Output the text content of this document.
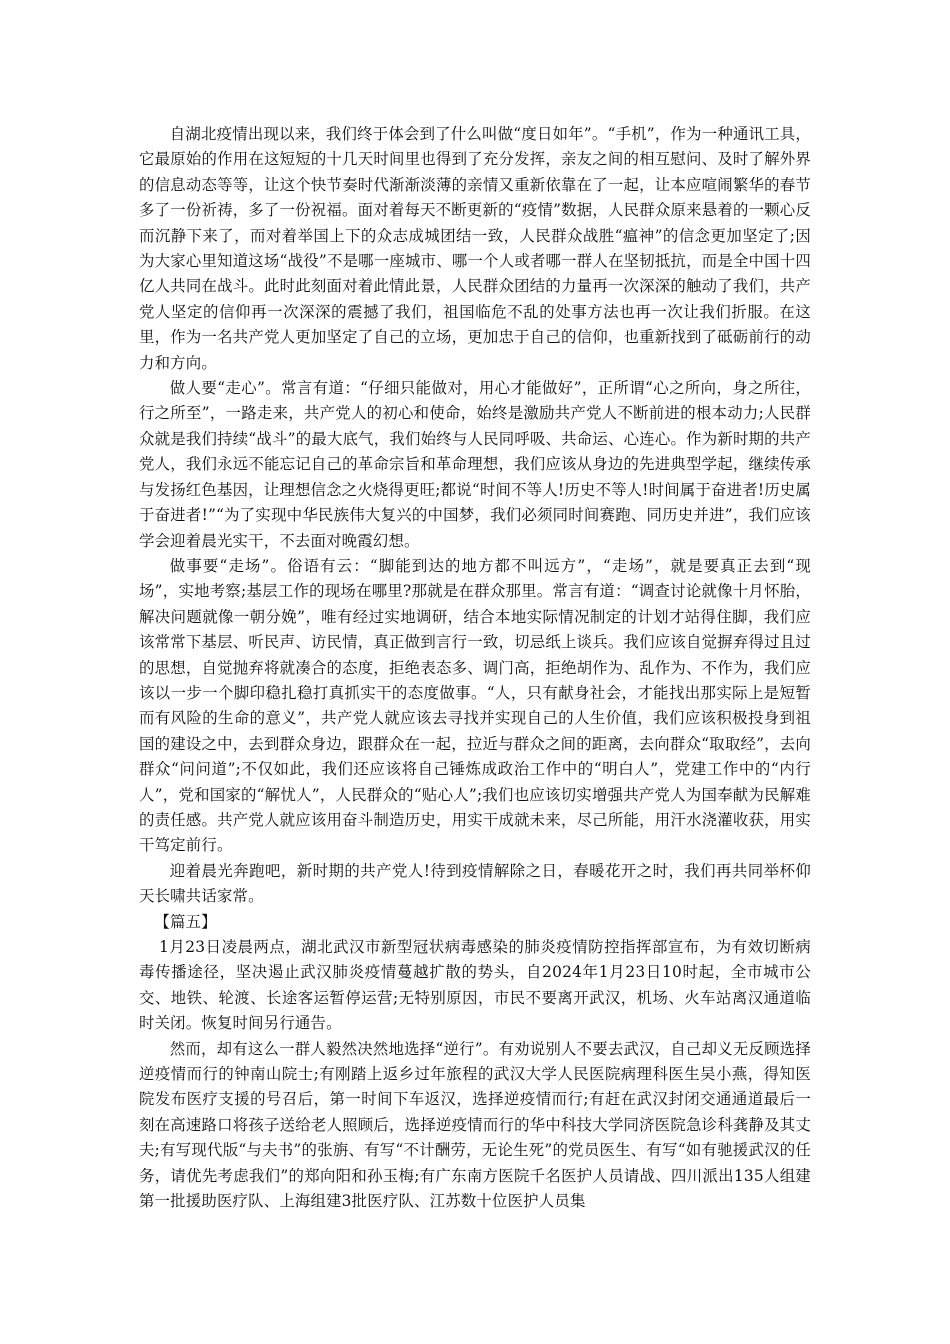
自湖北疫情出现以来，我们终于体会到了什么叫做“度日如年”。“手机”，作为一种通讯工具，它最原始的作用在这短短的十几天时间里也得到了充分发挥，亲友之间的相互慰问、及时了解外界的信息动态等等，让这个快节奏时代渐渐淡薄的亲情又重新依靠在了一起，让本应喧闹繁华的春节多了一份祈祷，多了一份祝福。面对着每天不断更新的“疫情”数据，人民群众原来悬着的一颗心反而沉静下来了，而对着举国上下的众志成城团结一致，人民群众战胜“瘟神”的信念更加坚定了;因为大家心里知道这场“战役”不是哪一座城市、哪一个人或者哪一群人在坚韧抵抗，而是全中国十四亿人共同在战斗。此时此刻面对着此情此景，人民群众团结的力量再一次深深的触动了我们，共产党人坚定的信仰再一次深深的震撼了我们，祖国临危不乱的处事方法也再一次让我们折服。在这里，作为一名共产党人更加坚定了自己的立场，更加忠于自己的信仰，也重新找到了砥砺前行的动力和方向。

做人要“走心”。常言有道：“仔细只能做对，用心才能做好”，正所谓“心之所向，身之所往，行之所至”，一路走来，共产党人的初心和使命，始终是激励共产党人不断前进的根本动力;人民群众就是我们持续“战斗”的最大底气，我们始终与人民同呼吸、共命运、心连心。作为新时期的共产党人，我们永远不能忘记自己的革命宗旨和革命理想，我们应该从身边的先进典型学起，继续传承与发扬红色基因，让理想信念之火烧得更旺;都说“时间不等人!历史不等人!时间属于奋进者!历史属于奋进者!”“为了实现中华民族伟大复兴的中国梦，我们必须同时间赛跑、同历史并进”，我们应该学会迎着晨光实干，不去面对晚霞幻想。

做事要“走场”。俗语有云：“脚能到达的地方都不叫远方”，“走场”，就是要真正去到“现场”，实地考察;基层工作的现场在哪里?那就是在群众那里。常言有道：“调查讨论就像十月怀胎，解决问题就像一朝分娩”，唯有经过实地调研，结合本地实际情况制定的计划才站得住脚，我们应该常常下基层、听民声、访民情，真正做到言行一致，切忌纸上谈兵。我们应该自觉摒弃得过且过的思想，自觉抛弃将就凑合的态度，拒绝表态多、调门高，拒绝胡作为、乱作为、不作为，我们应该以一步一个脚印稳扎稳打真抓实干的态度做事。“人，只有献身社会，才能找出那实际上是短暂而有风险的生命的意义”，共产党人就应该去寻找并实现自己的人生价值，我们应该积极投身到祖国的建设之中，去到群众身边，跟群众在一起，拉近与群众之间的距离，去向群众“取取经”，去向群众“问问道”;不仅如此，我们还应该将自己锤炼成政治工作中的“明白人”，党建工作中的“内行人”，党和国家的“解忧人”，人民群众的“贴心人”;我们也应该切实增强共产党人为国奉献为民解难的责任感。共产党人就应该用奋斗制造历史，用实干成就未来，尽己所能，用汗水浇灌收获，用实干笃定前行。

迎着晨光奔跑吧，新时期的共产党人!待到疫情解除之日，春暖花开之时，我们再共同举杯仰天长啸共话家常。

【篇五】

1月23日凌晨两点，湖北武汉市新型冠状病毒感染的肺炎疫情防控指挥部宣布，为有效切断病毒传播途径，坚决遏止武汉肺炎疫情蔓越扩散的势头，自2024年1月23日10时起，全市城市公交、地铁、轮渡、长途客运暂停运营;无特别原因，市民不要离开武汉，机场、火车站离汉通道临时关闭。恢复时间另行通告。

然而，却有这么一群人毅然决然地选择“逆行”。有劝说别人不要去武汉，自己却义无反顾选择逆疫情而行的钟南山院士;有刚踏上返乡过年旅程的武汉大学人民医院病理科医生吴小燕，得知医院发布医疗支援的号召后，第一时间下车返汉，选择逆疫情而行;有赶在武汉封闭交通通道最后一刻在高速路口将孩子送给老人照顾后，选择逆疫情而行的华中科技大学同济医院急诊科龚静及其丈夫;有写现代版“与夫书”的张旃、有写“不计酬劳，无论生死”的党员医生、有写“如有驰援武汉的任务，请优先考虑我们”的郑向阳和孙玉梅;有广东南方医院千名医护人员请战、四川派出135人组建第一批援助医疗队、上海组建3批医疗队、江苏数十位医护人员集
